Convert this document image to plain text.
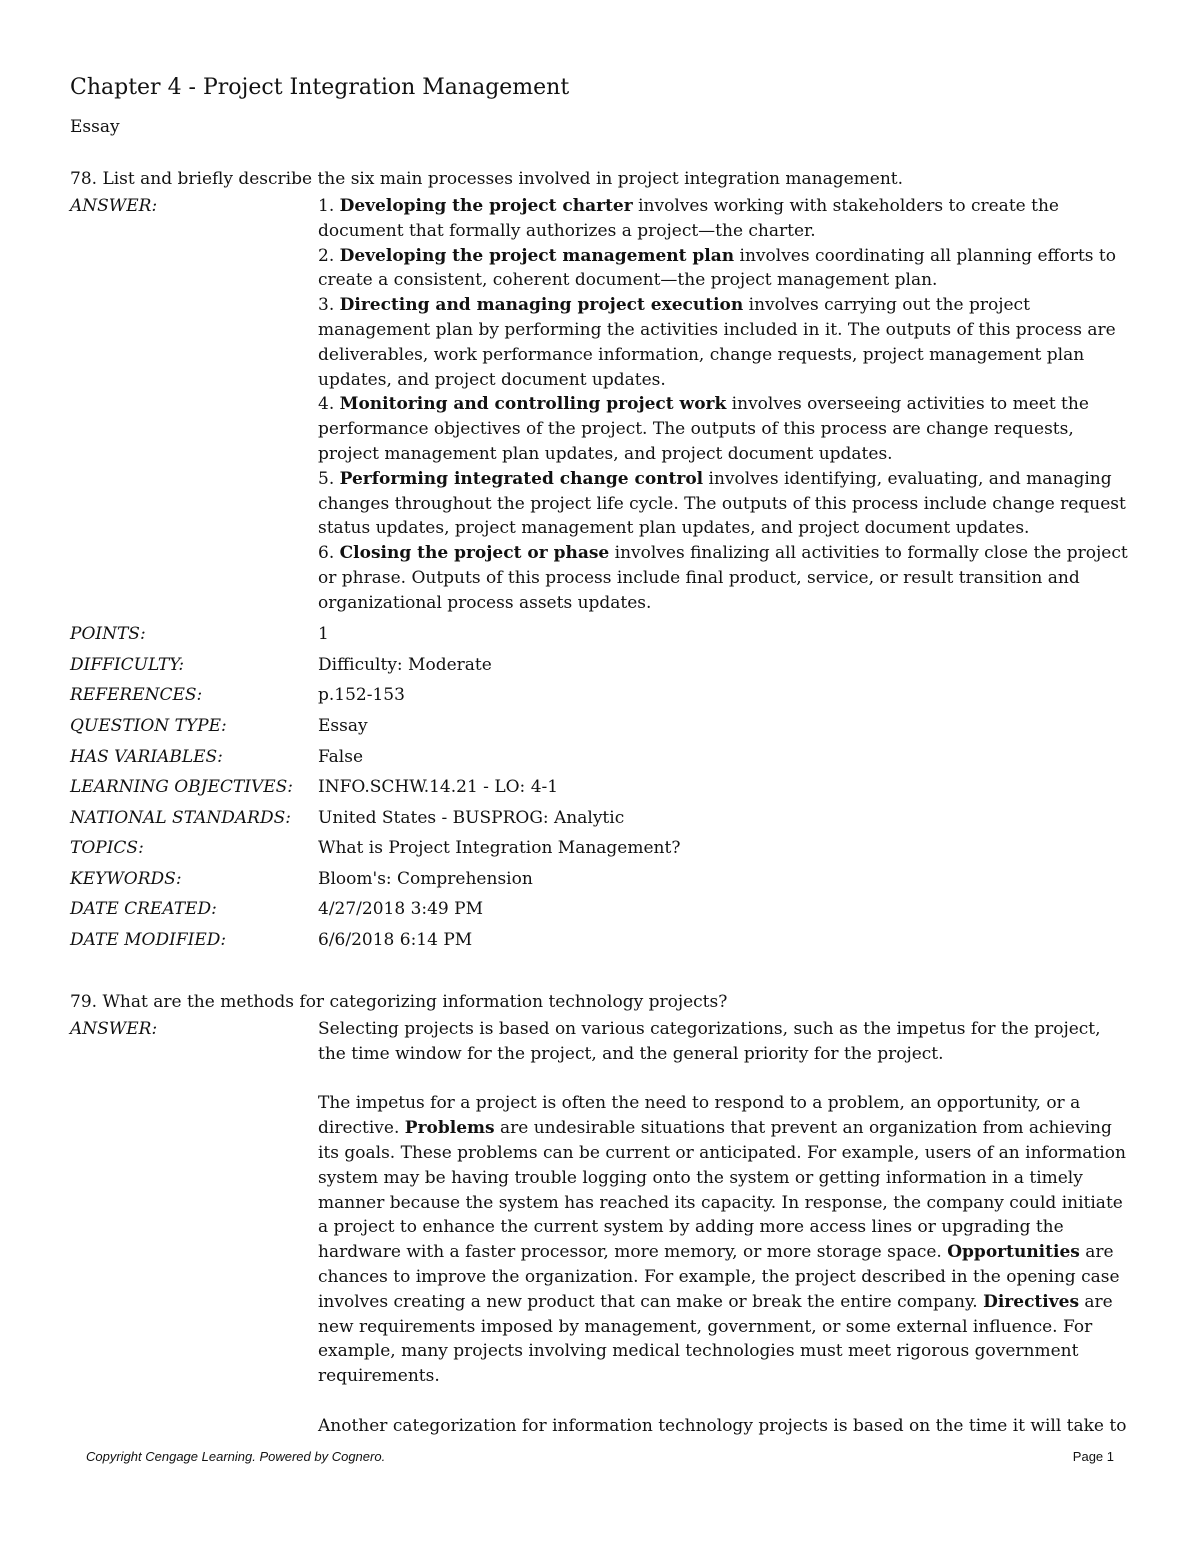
Chapter 4 - Project Integration Management
Essay
78. List and briefly describe the six main processes involved in project integration management.
ANSWER:	1. Developing the project charter involves working with stakeholders to create the document that formally authorizes a project—the charter.

2. Developing the project management plan involves coordinating all planning efforts to create a consistent, coherent document—the project management plan.

3. Directing and managing project execution involves carrying out the project management plan by performing the activities included in it. The outputs of this process are deliverables, work performance information, change requests, project management plan updates, and project document updates.

4. Monitoring and controlling project work involves overseeing activities to meet the performance objectives of the project. The outputs of this process are change requests, project management plan updates, and project document updates.

5. Performing integrated change control involves identifying, evaluating, and managing changes throughout the project life cycle. The outputs of this process include change request status updates, project management plan updates, and project document updates.

6. Closing the project or phase involves finalizing all activities to formally close the project or phrase. Outputs of this process include final product, service, or result transition and organizational process assets updates.

POINTS:	1
DIFFICULTY:	Difficulty: Moderate
REFERENCES:	p.152-153
QUESTION TYPE:	Essay
HAS VARIABLES:	False
LEARNING OBJECTIVES:	INFO.SCHW.14.21 - LO: 4-1
NATIONAL STANDARDS:	United States - BUSPROG: Analytic
TOPICS:	What is Project Integration Management?
KEYWORDS:	Bloom's: Comprehension
DATE CREATED:	4/27/2018 3:49 PM
DATE MODIFIED:	6/6/2018 6:14 PM
79. What are the methods for categorizing information technology projects?
ANSWER:	Selecting projects is based on various categorizations, such as the impetus for the project, the time window for the project, and the general priority for the project.

The impetus for a project is often the need to respond to a problem, an opportunity, or a directive. Problems are undesirable situations that prevent an organization from achieving its goals. These problems can be current or anticipated. For example, users of an information system may be having trouble logging onto the system or getting information in a timely manner because the system has reached its capacity. In response, the company could initiate a project to enhance the current system by adding more access lines or upgrading the hardware with a faster processor, more memory, or more storage space. Opportunities are chances to improve the organization. For example, the project described in the opening case involves creating a new product that can make or break the entire company. Directives are new requirements imposed by management, government, or some external influence. For example, many projects involving medical technologies must meet rigorous government requirements.

Another categorization for information technology projects is based on the time it will take to

Copyright Cengage Learning. Powered by Cognero.	Page 1
